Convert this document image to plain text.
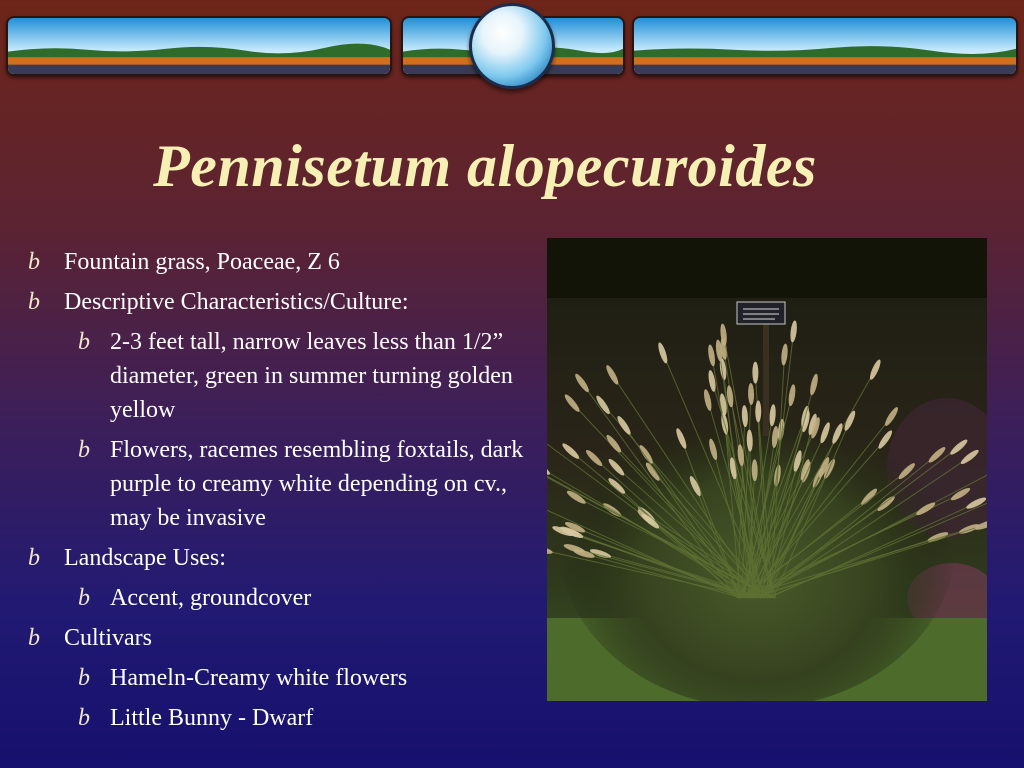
Pennisetum alopecuroides
b Fountain grass, Poaceae, Z 6
b Descriptive Characteristics/Culture:
b 2-3 feet tall, narrow leaves less than 1/2” diameter, green in summer turning golden yellow
b Flowers, racemes resembling foxtails, dark purple to creamy white depending on cv., may be invasive
b Landscape Uses:
b Accent, groundcover
b Cultivars
b Hameln-Creamy white flowers
b Little Bunny - Dwarf
